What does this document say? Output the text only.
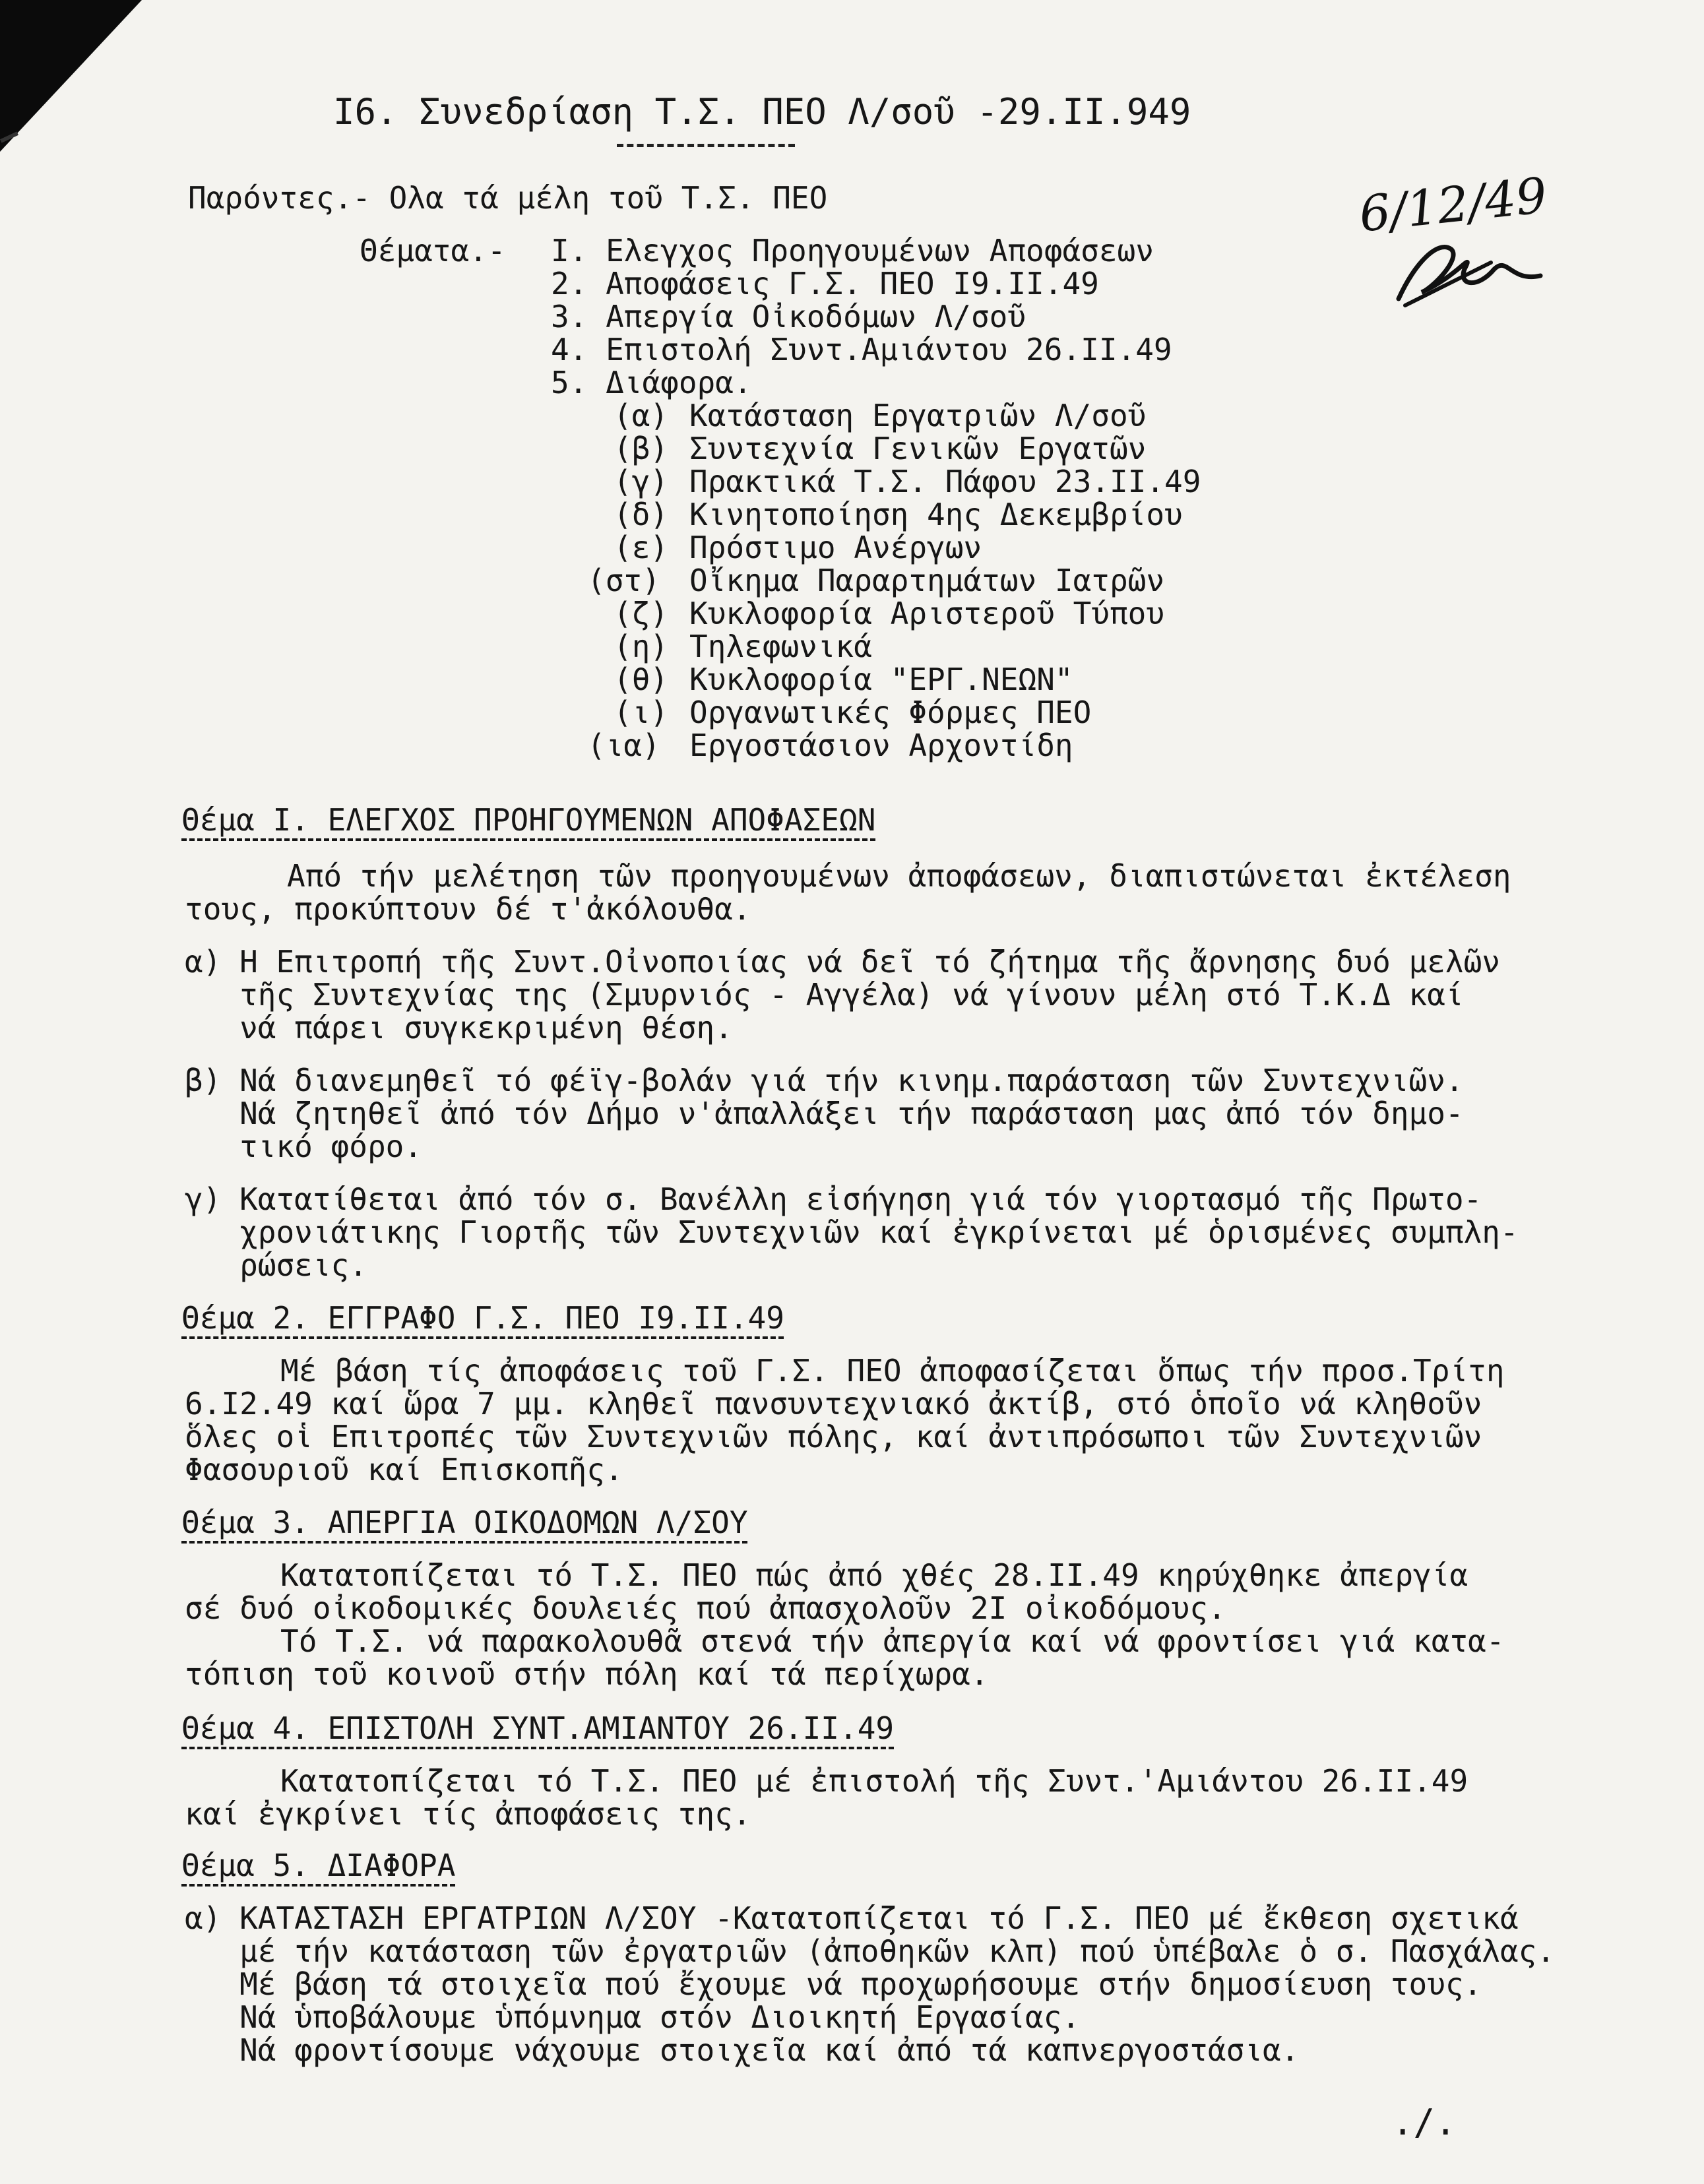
I6. Συνεδρίαση Τ.Σ. ΠΕΟ Λ/σοῦ -29.II.949
6/12/49
Παρόντες.- Ολα τά μέλη τοῦ Τ.Σ. ΠΕΟ
Θέματα.- I. Ελεγχος Προηγουμένων Αποφάσεων
2. Αποφάσεις Γ.Σ. ΠΕΟ I9.II.49
3. Απεργία Οἰκοδόμων Λ/σοῦ
4. Επιστολή Συντ.Αμιάντου 26.II.49
5. Διάφορα.
(α) Κατάσταση Εργατριῶν Λ/σοῦ
(β) Συντεχνία Γενικῶν Εργατῶν
(γ) Πρακτικά Τ.Σ. Πάφου 23.II.49
(δ) Κινητοποίηση 4ης Δεκεμβρίου
(ε) Πρόστιμο Ανέργων
(στ) Οἴκημα Παραρτημάτων Ιατρῶν
(ζ) Κυκλοφορία Αριστεροῦ Τύπου
(η) Τηλεφωνικά
(θ) Κυκλοφορία "ΕΡΓ.ΝΕΩΝ"
(ι) Οργανωτικές Φόρμες ΠΕΟ
(ια) Εργοστάσιον Αρχοντίδη
Θέμα I. ΕΛΕΓΧΟΣ ΠΡΟΗΓΟΥΜΕΝΩΝ ΑΠΟΦΑΣΕΩΝ
Από τήν μελέτηση τῶν προηγουμένων ἀποφάσεων, διαπιστώνεται ἐκτέλεση
τους, προκύπτουν δέ τ'ἀκόλουθα.
α) Η Επιτροπή τῆς Συντ.Οἰνοποιίας νά δεῖ τό ζήτημα τῆς ἄρνησης δυό μελῶν
τῆς Συντεχνίας της (Σμυρνιός - Αγγέλα) νά γίνουν μέλη στό Τ.Κ.Δ καί
νά πάρει συγκεκριμένη θέση.
β) Νά διανεμηθεῖ τό φέϊγ-βολάν γιά τήν κινημ.παράσταση τῶν Συντεχνιῶν.
Νά ζητηθεῖ ἀπό τόν Δήμο ν'ἀπαλλάξει τήν παράσταση μας ἀπό τόν δημο-
τικό φόρο.
γ) Κατατίθεται ἀπό τόν σ. Βανέλλη εἰσήγηση γιά τόν γιορτασμό τῆς Πρωτο-
χρονιάτικης Γιορτῆς τῶν Συντεχνιῶν καί ἐγκρίνεται μέ ὁρισμένες συμπλη-
ρώσεις.
Θέμα 2. ΕΓΓΡΑΦΟ Γ.Σ. ΠΕΟ I9.II.49
Μέ βάση τίς ἀποφάσεις τοῦ Γ.Σ. ΠΕΟ ἀποφασίζεται ὅπως τήν προσ.Τρίτη
6.I2.49 καί ὥρα 7 μμ. κληθεῖ πανσυντεχνιακό ἀκτίβ, στό ὁποῖο νά κληθοῦν
ὅλες οἱ Επιτροπές τῶν Συντεχνιῶν πόλης, καί ἀντιπρόσωποι τῶν Συντεχνιῶν
Φασουριοῦ καί Επισκοπῆς.
Θέμα 3. ΑΠΕΡΓΙΑ ΟΙΚΟΔΟΜΩΝ Λ/ΣΟΥ
Κατατοπίζεται τό Τ.Σ. ΠΕΟ πώς ἀπό χθές 28.II.49 κηρύχθηκε ἀπεργία
σέ δυό οἰκοδομικές δουλειές πού ἀπασχολοῦν 2I οἰκοδόμους.
Τό Τ.Σ. νά παρακολουθᾶ στενά τήν ἀπεργία καί νά φροντίσει γιά κατα-
τόπιση τοῦ κοινοῦ στήν πόλη καί τά περίχωρα.
Θέμα 4. ΕΠΙΣΤΟΛΗ ΣΥΝΤ.ΑΜΙΑΝΤΟΥ 26.II.49
Κατατοπίζεται τό Τ.Σ. ΠΕΟ μέ ἐπιστολή τῆς Συντ.'Αμιάντου 26.II.49
καί ἐγκρίνει τίς ἀποφάσεις της.
Θέμα 5. ΔΙΑΦΟΡΑ
α) ΚΑΤΑΣΤΑΣΗ ΕΡΓΑΤΡΙΩΝ Λ/ΣΟΥ -Κατατοπίζεται τό Γ.Σ. ΠΕΟ μέ ἔκθεση σχετικά
μέ τήν κατάσταση τῶν ἐργατριῶν (ἀποθηκῶν κλπ) πού ὑπέβαλε ὁ σ. Πασχάλας.
Μέ βάση τά στοιχεῖα πού ἔχουμε νά προχωρήσουμε στήν δημοσίευση τους.
Νά ὑποβάλουμε ὑπόμνημα στόν Διοικητή Εργασίας.
Νά φροντίσουμε νάχουμε στοιχεῖα καί ἀπό τά καπνεργοστάσια.
./.
